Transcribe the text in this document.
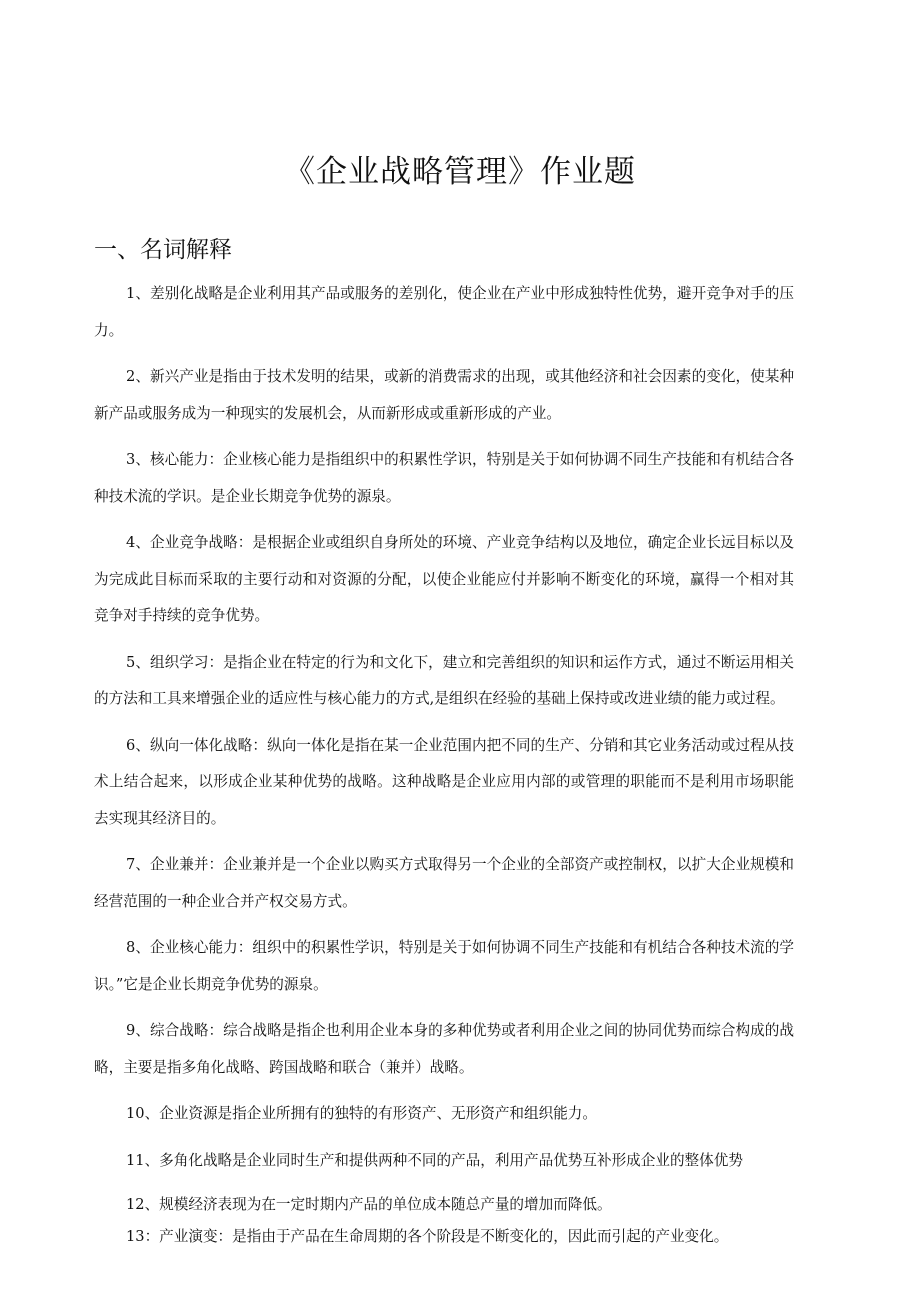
《企业战略管理》作业题
一、名词解释

1、差别化战略是企业利用其产品或服务的差别化，使企业在产业中形成独特性优势，避开竞争对手的压力。

2、新兴产业是指由于技术发明的结果，或新的消费需求的出现，或其他经济和社会因素的变化，使某种新产品或服务成为一种现实的发展机会，从而新形成或重新形成的产业。

3、核心能力：企业核心能力是指组织中的积累性学识，特别是关于如何协调不同生产技能和有机结合各种技术流的学识。是企业长期竞争优势的源泉。

4、企业竞争战略：是根据企业或组织自身所处的环境、产业竞争结构以及地位，确定企业长远目标以及为完成此目标而采取的主要行动和对资源的分配，以使企业能应付并影响不断变化的环境，赢得一个相对其竞争对手持续的竞争优势。

5、组织学习：是指企业在特定的行为和文化下，建立和完善组织的知识和运作方式，通过不断运用相关的方法和工具来增强企业的适应性与核心能力的方式,是组织在经验的基础上保持或改进业绩的能力或过程。

6、纵向一体化战略：纵向一体化是指在某一企业范围内把不同的生产、分销和其它业务活动或过程从技术上结合起来，以形成企业某种优势的战略。这种战略是企业应用内部的或管理的职能而不是利用市场职能去实现其经济目的。

7、企业兼并：企业兼并是一个企业以购买方式取得另一个企业的全部资产或控制权，以扩大企业规模和经营范围的一种企业合并产权交易方式。

8、企业核心能力：组织中的积累性学识，特别是关于如何协调不同生产技能和有机结合各种技术流的学识。”它是企业长期竞争优势的源泉。

9、综合战略：综合战略是指企也利用企业本身的多种优势或者利用企业之间的协同优势而综合构成的战略，主要是指多角化战略、跨国战略和联合（兼并）战略。

10、企业资源是指企业所拥有的独特的有形资产、无形资产和组织能力。

11、多角化战略是企业同时生产和提供两种不同的产品，利用产品优势互补形成企业的整体优势

12、规模经济表现为在一定时期内产品的单位成本随总产量的增加而降低。

13：产业演变：是指由于产品在生命周期的各个阶段是不断变化的，因此而引起的产业变化。
